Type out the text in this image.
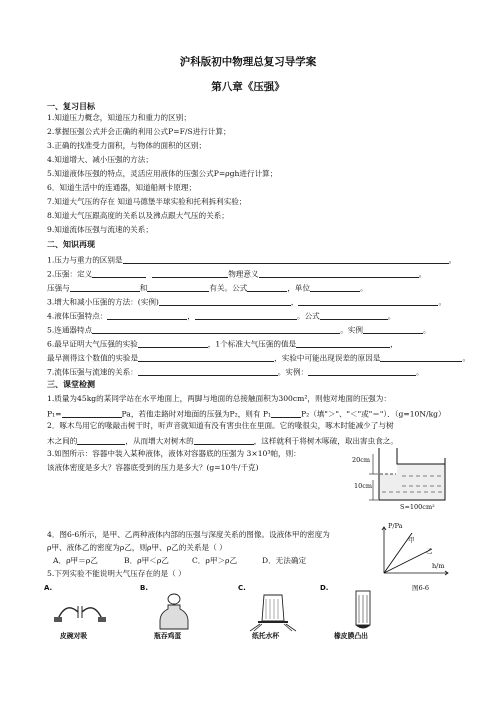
沪科版初中物理总复习导学案
第八章《压强》
一、复习目标
1.知道压力概念，知道压力和重力的区别；
2.掌握压强公式并会正确的利用公式P=F/S进行计算；
3.正确的找准受力面积，与物体的面积的区别；
4.知道增大、减小压强的方法；
5.知道液体压强的特点，灵活应用液体的压强公式P=ρgh进行计算；
6．知道生活中的连通器，知道船闸卡原理；
7.知道大气压的存在 知道马德堡半球实验和托利拆利实验；
8.知道大气压跟高度的关系以及沸点跟大气压的关系；
9.知道流体压强与流速的关系；
二、知识再现
1.压力与重力的区别是	。
2.压强：定义	物理意义	。
压强与	和	有关。公式	，单位	。
3.增大和减小压强的方法：(实例)	，	。
4.液体压强特点：	，	。公式	。
5.连通器特点	。实例	。
6.最早证明大气压强的实验	，1个标准大气压强的值是	，
最早测得这个数值的实验是	，实验中可能出现误差的原因是	。
7.流体压强与流速的关系：	。实例：	。
三、课堂检测
1.质量为45kg的某同学站在水平地面上，两脚与地面的总接触面积为300cm²，则他对地面的压强为：
P₁=	Pa，若他走路时对地面的压强为P₂，则有 P₁	P₂（填"＞"、"＜"或"＝"）．（g=10N/kg）
2．啄木鸟用它的喙敲击树干时，听声音就知道有没有害虫住在里面。它的喙很尖，啄木时能减少了与树
木之间的	，从而增大对树木的	，这样就利于将树木啄破，取出害虫食之。
3.如图所示：容器中装入某种液体，液体对容器底的压强为 3×10³帕，则：
该液体密度是多大？容器底受到的压力是多大？(g=10牛/千克)
20cm
10cm
S=100cm²
4．图6-6所示，是甲、乙两种液体内部的压强与深度关系的图像。设液体甲的密度为
ρ甲、液体乙的密度为ρ乙，则ρ甲、ρ乙的关系是（ ）
A．ρ甲＝ρ乙	B．ρ甲＜ρ乙	C．ρ甲＞ρ乙	D．无法确定
P/Pa
h/m
甲
乙
图6-6
5.下列实验不能说明大气压存在的是（ ）
A.
皮碗对吸
B.
瓶吞鸡蛋
C.
纸托水杯
D.
橡皮膜凸出
